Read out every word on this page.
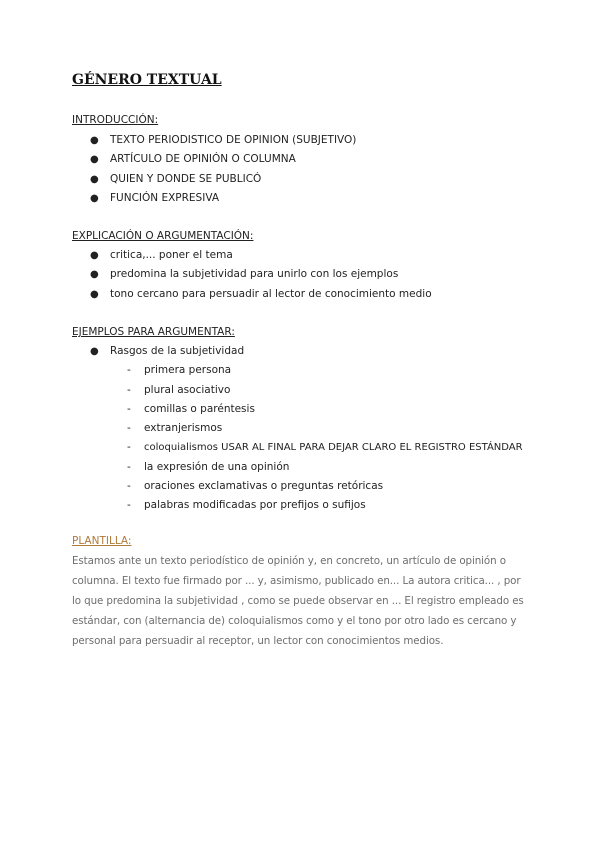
GÉNERO TEXTUAL
INTRODUCCIÓN:
● TEXTO PERIODISTICO DE OPINION (SUBJETIVO)
● ARTÍCULO DE OPINIÓN O COLUMNA
● QUIEN Y DONDE SE PUBLICÓ
● FUNCIÓN EXPRESIVA
EXPLICACIÓN O ARGUMENTACIÓN:
● critica,... poner el tema
● predomina la subjetividad para unirlo con los ejemplos
● tono cercano para persuadir al lector de conocimiento medio
EJEMPLOS PARA ARGUMENTAR:
● Rasgos de la subjetividad
- primera persona
- plural asociativo
- comillas o paréntesis
- extranjerismos
- coloquialismos USAR AL FINAL PARA DEJAR CLARO EL REGISTRO ESTÁNDAR
- la expresión de una opinión
- oraciones exclamativas o preguntas retóricas
- palabras modificadas por prefijos o sufijos
PLANTILLA:
Estamos ante un texto periodístico de opinión y, en concreto, un artículo de opinión o columna. El texto fue firmado por ... y, asimismo, publicado en... La autora critica... , por lo que predomina la subjetividad , como se puede observar en ... El registro empleado es estándar, con (alternancia de) coloquialismos como y el tono por otro lado es cercano y personal para persuadir al receptor, un lector con conocimientos medios.
